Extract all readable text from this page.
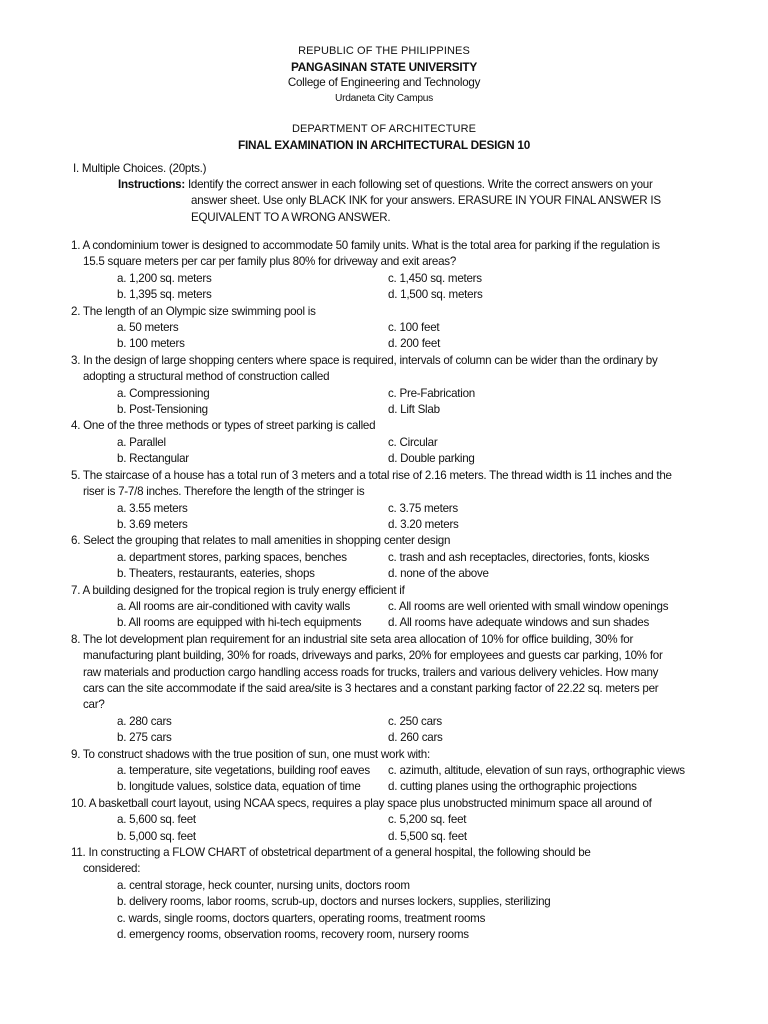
REPUBLIC OF THE PHILIPPINES
PANGASINAN STATE UNIVERSITY
College of Engineering and Technology
Urdaneta City Campus
DEPARTMENT OF ARCHITECTURE
FINAL EXAMINATION IN ARCHITECTURAL DESIGN 10
I. Multiple Choices. (20pts.)
Instructions: Identify the correct answer in each following set of questions. Write the correct answers on your
answer sheet. Use only BLACK INK for your answers. ERASURE IN YOUR FINAL ANSWER IS
EQUIVALENT TO A WRONG ANSWER.
1. A condominium tower is designed to accommodate 50 family units. What is the total area for parking if the regulation is
15.5 square meters per car per family plus 80% for driveway and exit areas?
a. 1,200 sq. meters	c. 1,450 sq. meters
b. 1,395 sq. meters	d. 1,500 sq. meters
2. The length of an Olympic size swimming pool is
a. 50 meters	c. 100 feet
b. 100 meters	d. 200 feet
3. In the design of large shopping centers where space is required, intervals of column can be wider than the ordinary by
adopting a structural method of construction called
a. Compressioning	c. Pre-Fabrication
b. Post-Tensioning	d. Lift Slab
4. One of the three methods or types of street parking is called
a. Parallel	c. Circular
b. Rectangular	d. Double parking
5. The staircase of a house has a total run of 3 meters and a total rise of 2.16 meters. The thread width is 11 inches and the
riser is 7-7/8 inches. Therefore the length of the stringer is
a. 3.55 meters	c. 3.75 meters
b. 3.69 meters	d. 3.20 meters
6. Select the grouping that relates to mall amenities in shopping center design
a. department stores, parking spaces, benches	c. trash and ash receptacles, directories, fonts, kiosks
b. Theaters, restaurants, eateries, shops	d. none of the above
7. A building designed for the tropical region is truly energy efficient if
a. All rooms are air-conditioned with cavity walls	c. All rooms are well oriented with small window openings
b. All rooms are equipped with hi-tech equipments	d. All rooms have adequate windows and sun shades
8. The lot development plan requirement for an industrial site seta area allocation of 10% for office building, 30% for
manufacturing plant building, 30% for roads, driveways and parks, 20% for employees and guests car parking, 10% for
raw materials and production cargo handling access roads for trucks, trailers and various delivery vehicles. How many
cars can the site accommodate if the said area/site is 3 hectares and a constant parking factor of 22.22 sq. meters per
car?
a. 280 cars	c. 250 cars
b. 275 cars	d. 260 cars
9. To construct shadows with the true position of sun, one must work with:
a. temperature, site vegetations, building roof eaves	c. azimuth, altitude, elevation of sun rays, orthographic views
b. longitude values, solstice data, equation of time	d. cutting planes using the orthographic projections
10. A basketball court layout, using NCAA specs, requires a play space plus unobstructed minimum space all around of
a. 5,600 sq. feet	c. 5,200 sq. feet
b. 5,000 sq. feet	d. 5,500 sq. feet
11. In constructing a FLOW CHART of obstetrical department of a general hospital, the following should be
considered:
a. central storage, heck counter, nursing units, doctors room
b. delivery rooms, labor rooms, scrub-up, doctors and nurses lockers, supplies, sterilizing
c. wards, single rooms, doctors quarters, operating rooms, treatment rooms
d. emergency rooms, observation rooms, recovery room, nursery rooms
